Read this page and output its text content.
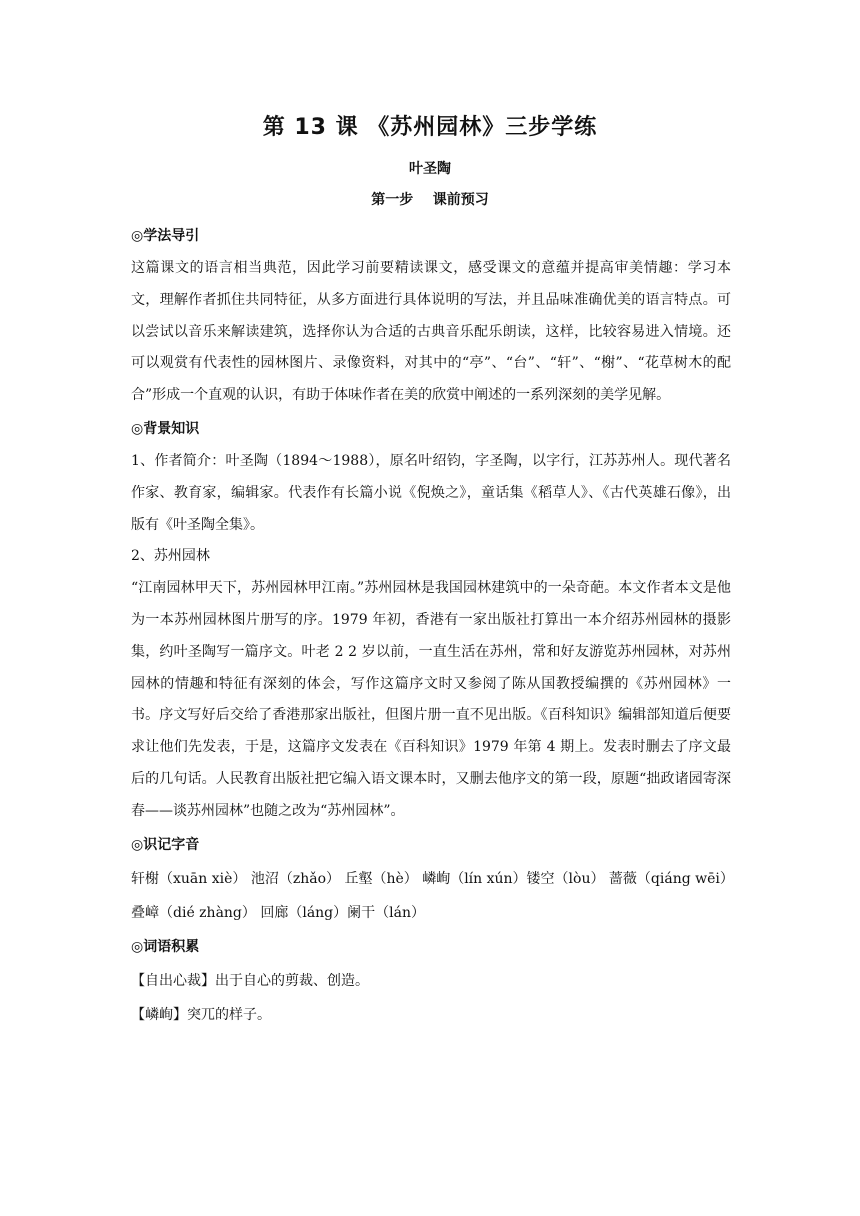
第 13 课 《苏州园林》三步学练
叶圣陶
第一步    课前预习
◎学法导引
这篇课文的语言相当典范，因此学习前要精读课文，感受课文的意蕴并提高审美情趣：学习本文，理解作者抓住共同特征，从多方面进行具体说明的写法，并且品味准确优美的语言特点。可以尝试以音乐来解读建筑，选择你认为合适的古典音乐配乐朗读，这样，比较容易进入情境。还可以观赏有代表性的园林图片、录像资料，对其中的“亭”、“台”、“轩”、“榭”、“花草树木的配合”形成一个直观的认识，有助于体味作者在美的欣赏中阐述的一系列深刻的美学见解。
◎背景知识
1、作者简介：叶圣陶（1894～1988），原名叶绍钧，字圣陶，以字行，江苏苏州人。现代著名作家、教育家，编辑家。代表作有长篇小说《倪焕之》，童话集《稻草人》、《古代英雄石像》，出版有《叶圣陶全集》。
2、苏州园林
“江南园林甲天下，苏州园林甲江南。”苏州园林是我国园林建筑中的一朵奇葩。本文作者本文是他为一本苏州园林图片册写的序。1979 年初，香港有一家出版社打算出一本介绍苏州园林的摄影集，约叶圣陶写一篇序文。叶老 2 2 岁以前，一直生活在苏州，常和好友游览苏州园林，对苏州园林的情趣和特征有深刻的体会，写作这篇序文时又参阅了陈从国教授编撰的《苏州园林》一书。序文写好后交给了香港那家出版社，但图片册一直不见出版。《百科知识》编辑部知道后便要求让他们先发表，于是，这篇序文发表在《百科知识》1979 年第 4 期上。发表时删去了序文最后的几句话。人民教育出版社把它编入语文课本时，又删去他序文的第一段，原题“拙政诸园寄深春——谈苏州园林”也随之改为“苏州园林”。
◎识记字音
轩榭（xuān xiè） 池沼（zhǎo） 丘壑（hè） 嶙峋（lín xún）镂空（lòu） 蔷薇（qiáng wēi）
叠嶂（dié zhàng） 回廊（láng）阑干（lán）
◎词语积累
【自出心裁】出于自心的剪裁、创造。
【嶙峋】突兀的样子。
